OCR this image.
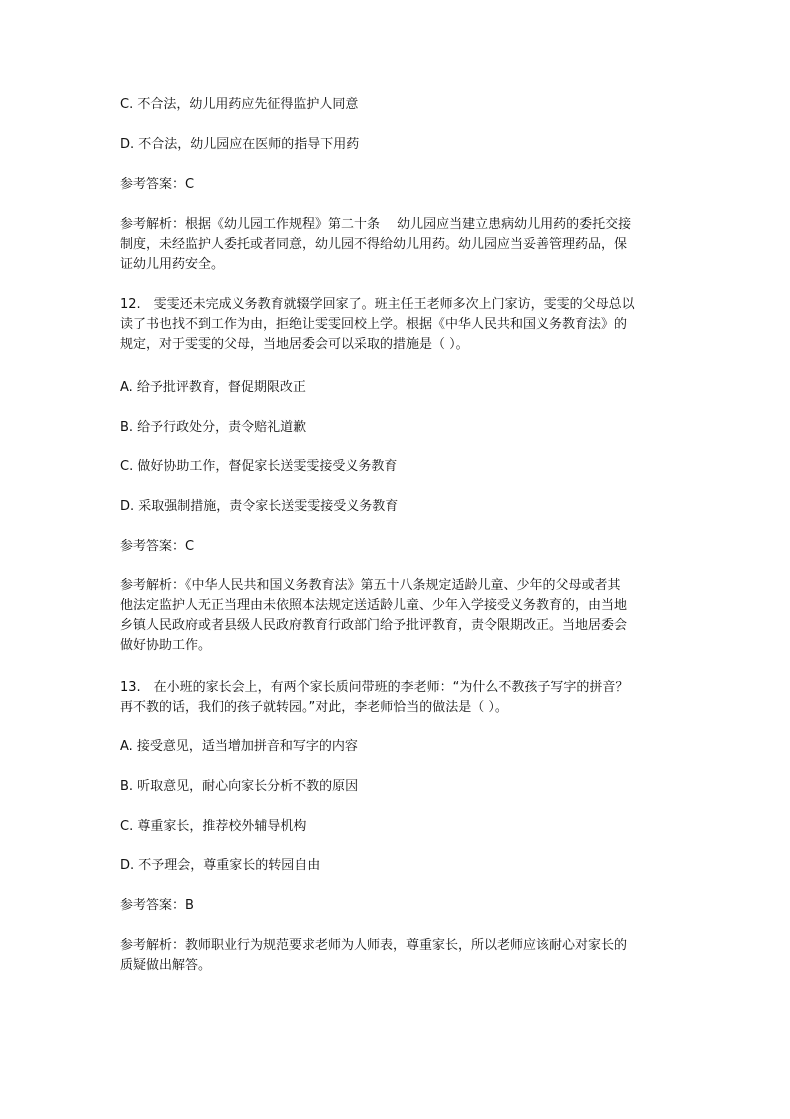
C. 不合法，幼儿用药应先征得监护人同意
D. 不合法，幼儿园应在医师的指导下用药
参考答案：C
参考解析：根据《幼儿园工作规程》第二十条　 幼儿园应当建立患病幼儿用药的委托交接
制度，未经监护人委托或者同意，幼儿园不得给幼儿用药。幼儿园应当妥善管理药品，保
证幼儿用药安全。
12.　雯雯还未完成义务教育就辍学回家了。班主任王老师多次上门家访，雯雯的父母总以
读了书也找不到工作为由，拒绝让雯雯回校上学。根据《中华人民共和国义务教育法》的
规定，对于雯雯的父母，当地居委会可以采取的措施是（ ）。
A. 给予批评教育，督促期限改正
B. 给予行政处分，责令赔礼道歉
C. 做好协助工作，督促家长送雯雯接受义务教育
D. 采取强制措施，责令家长送雯雯接受义务教育
参考答案：C
参考解析：《中华人民共和国义务教育法》第五十八条规定适龄儿童、少年的父母或者其
他法定监护人无正当理由未依照本法规定送适龄儿童、少年入学接受义务教育的，由当地
乡镇人民政府或者县级人民政府教育行政部门给予批评教育，责令限期改正。当地居委会
做好协助工作。
13.　在小班的家长会上，有两个家长质问带班的李老师：“为什么不教孩子写字的拼音？
再不教的话，我们的孩子就转园。”对此，李老师恰当的做法是（ ）。
A. 接受意见，适当增加拼音和写字的内容
B. 听取意见，耐心向家长分析不教的原因
C. 尊重家长，推荐校外辅导机构
D. 不予理会，尊重家长的转园自由
参考答案：B
参考解析：教师职业行为规范要求老师为人师表，尊重家长，所以老师应该耐心对家长的
质疑做出解答。
